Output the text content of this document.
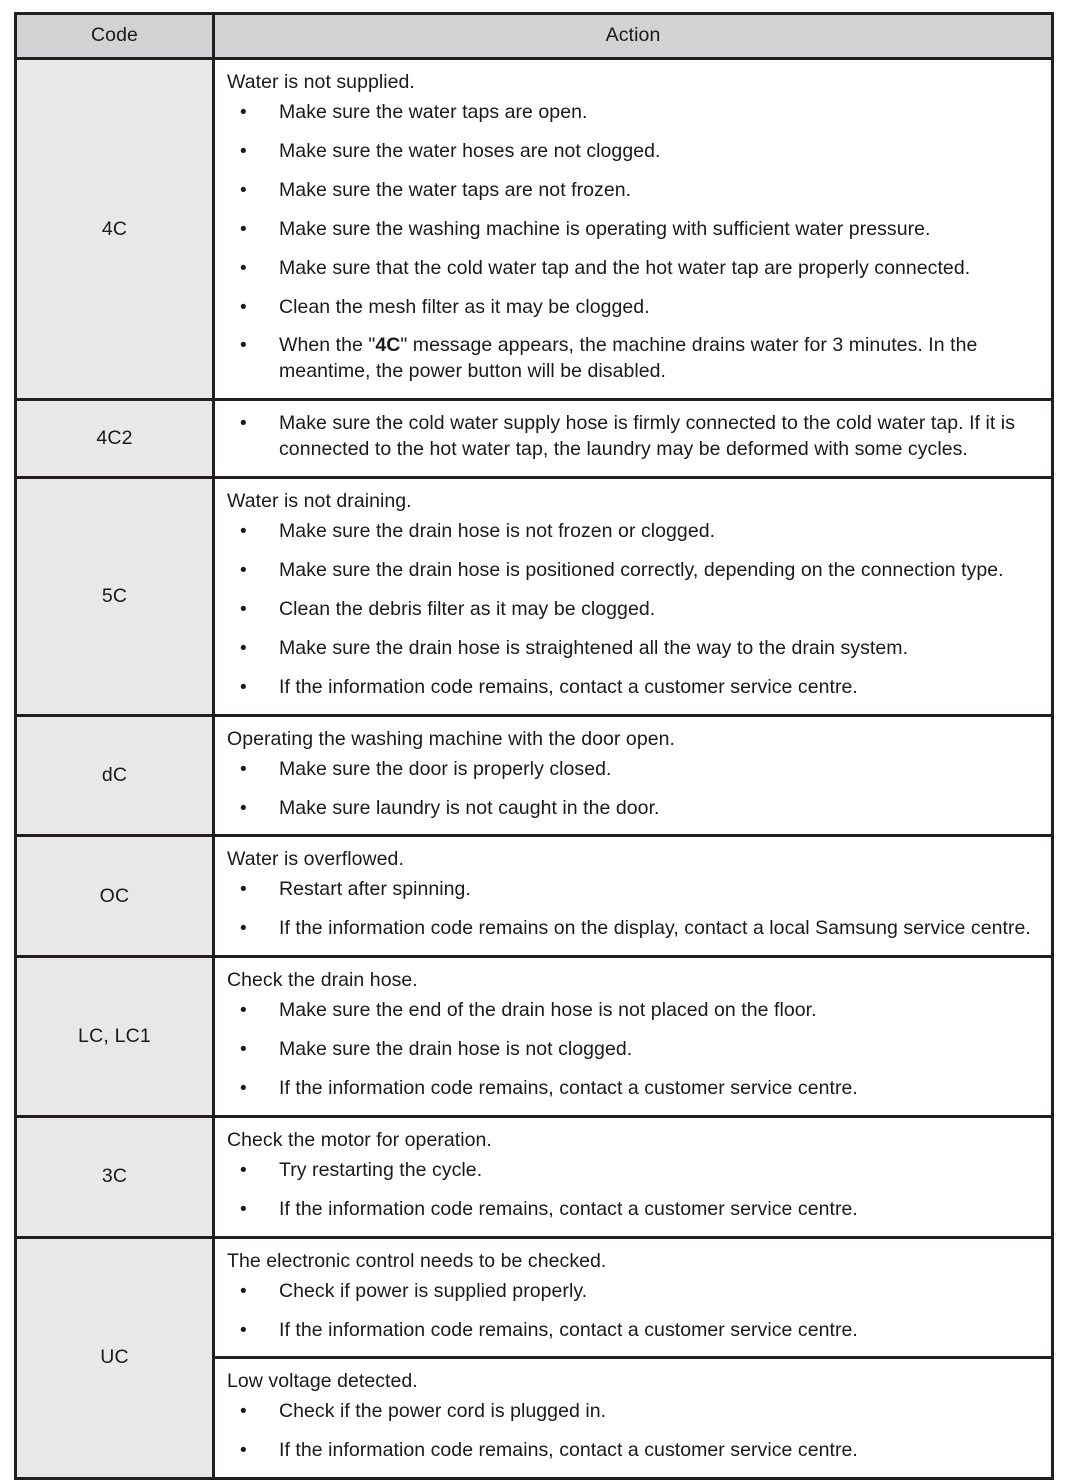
Code	Action
4C	

Water is not supplied.

• Make sure the water taps are open.
• Make sure the water hoses are not clogged.
• Make sure the water taps are not frozen.
• Make sure the washing machine is operating with sufficient water pressure.
• Make sure that the cold water tap and the hot water tap are properly connected.
• Clean the mesh filter as it may be clogged.
• When the "4C" message appears, the machine drains water for 3 minutes. In the meantime, the power button will be disabled.

4C2	
• Make sure the cold water supply hose is firmly connected to the cold water tap. If it is connected to the hot water tap, the laundry may be deformed with some cycles.

5C	

Water is not draining.

• Make sure the drain hose is not frozen or clogged.
• Make sure the drain hose is positioned correctly, depending on the connection type.
• Clean the debris filter as it may be clogged.
• Make sure the drain hose is straightened all the way to the drain system.
• If the information code remains, contact a customer service centre.

dC	

Operating the washing machine with the door open.

• Make sure the door is properly closed.
• Make sure laundry is not caught in the door.

OC	

Water is overflowed.

• Restart after spinning.
• If the information code remains on the display, contact a local Samsung service centre.

LC, LC1	

Check the drain hose.

• Make sure the end of the drain hose is not placed on the floor.
• Make sure the drain hose is not clogged.
• If the information code remains, contact a customer service centre.

3C	

Check the motor for operation.

• Try restarting the cycle.
• If the information code remains, contact a customer service centre.

UC	

The electronic control needs to be checked.

• Check if power is supplied properly.
• If the information code remains, contact a customer service centre.

Low voltage detected.

• Check if the power cord is plugged in.
• If the information code remains, contact a customer service centre.
